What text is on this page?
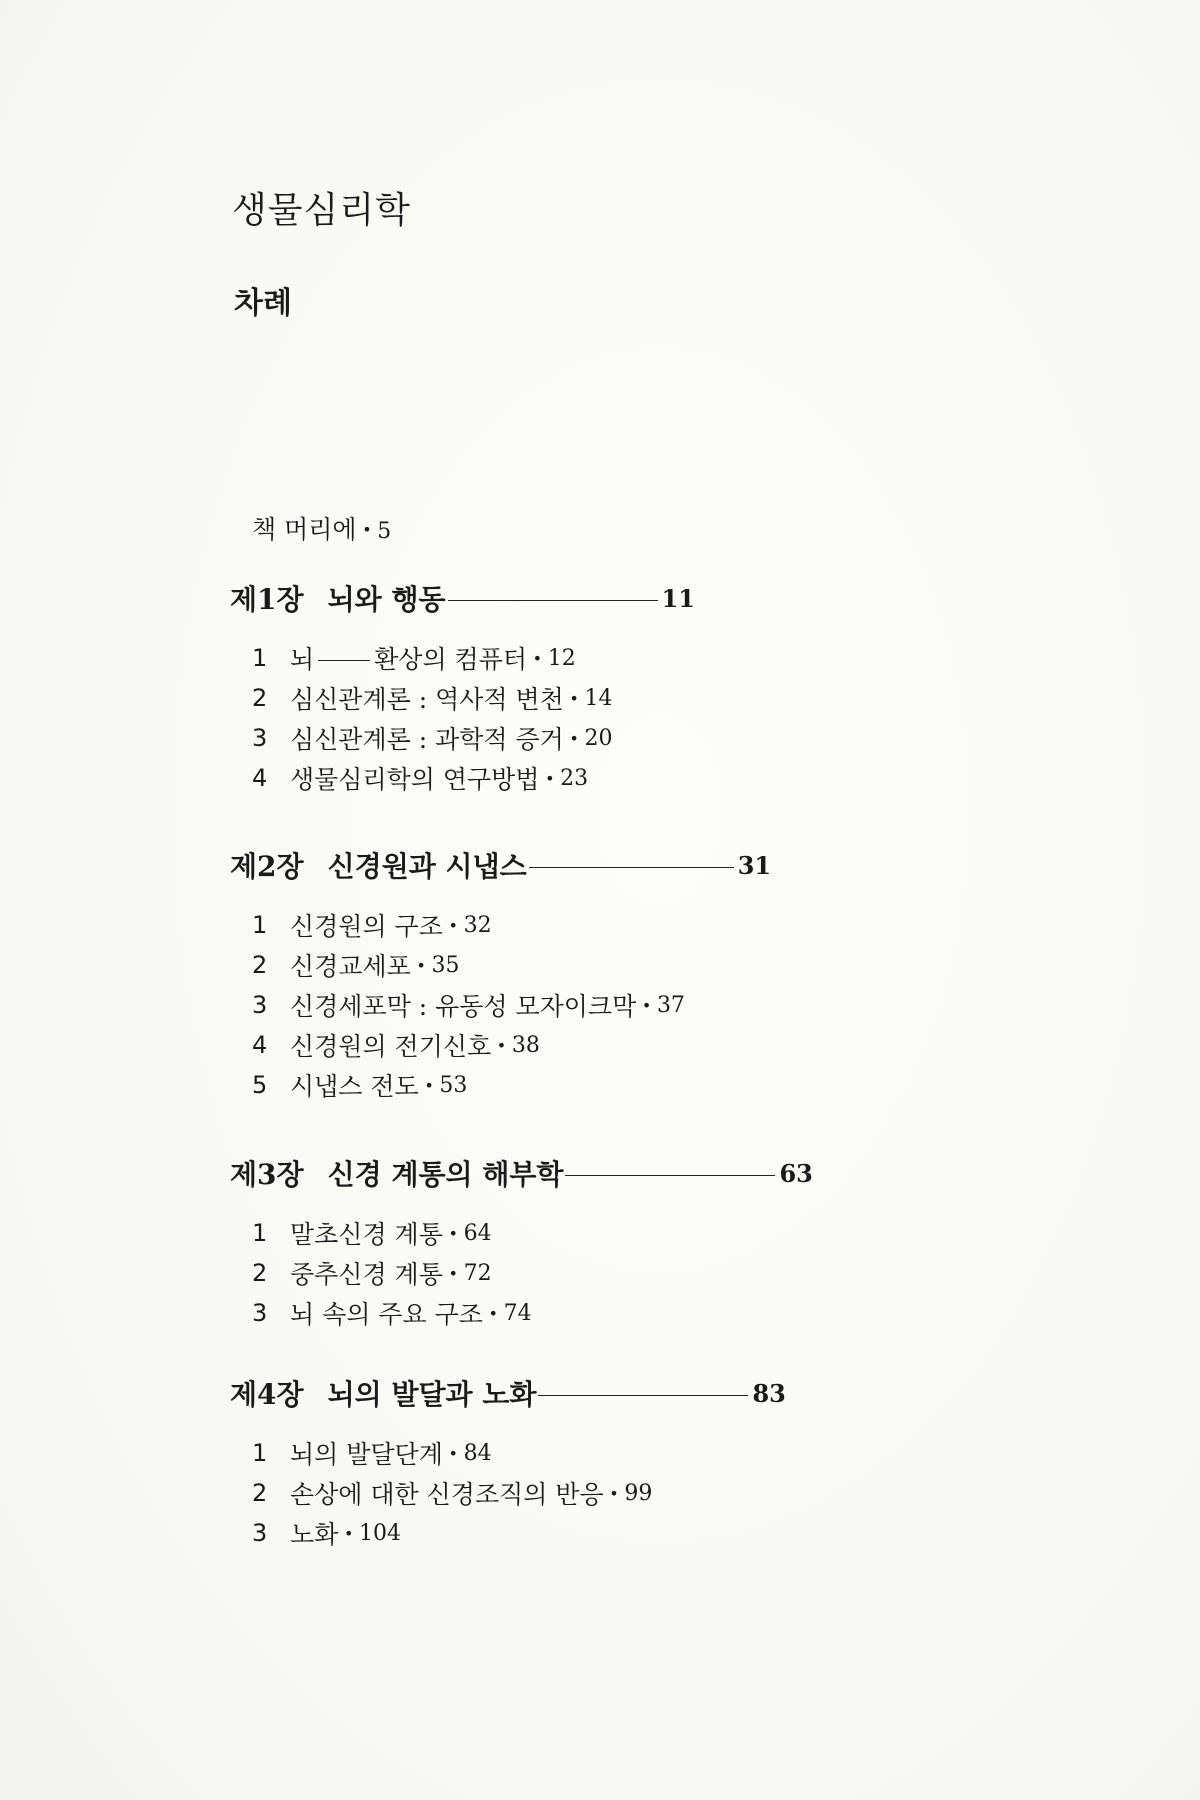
생물심리학
차례

책 머리에 · 5

제1장 뇌와 행동	11
1 뇌 환상의 컴퓨터 · 12
2 심신관계론 : 역사적 변천 · 14
3 심신관계론 : 과학적 증거 · 20
4 생물심리학의 연구방법 · 23
제2장 신경원과 시냅스	31
1 신경원의 구조 · 32
2 신경교세포 · 35
3 신경세포막 : 유동성 모자이크막 · 37
4 신경원의 전기신호 · 38
5 시냅스 전도 · 53
제3장 신경 계통의 해부학	63
1 말초신경 계통 · 64
2 중추신경 계통 · 72
3 뇌 속의 주요 구조 · 74
제4장 뇌의 발달과 노화	83
1 뇌의 발달단계 · 84
2 손상에 대한 신경조직의 반응 · 99
3 노화 · 104
